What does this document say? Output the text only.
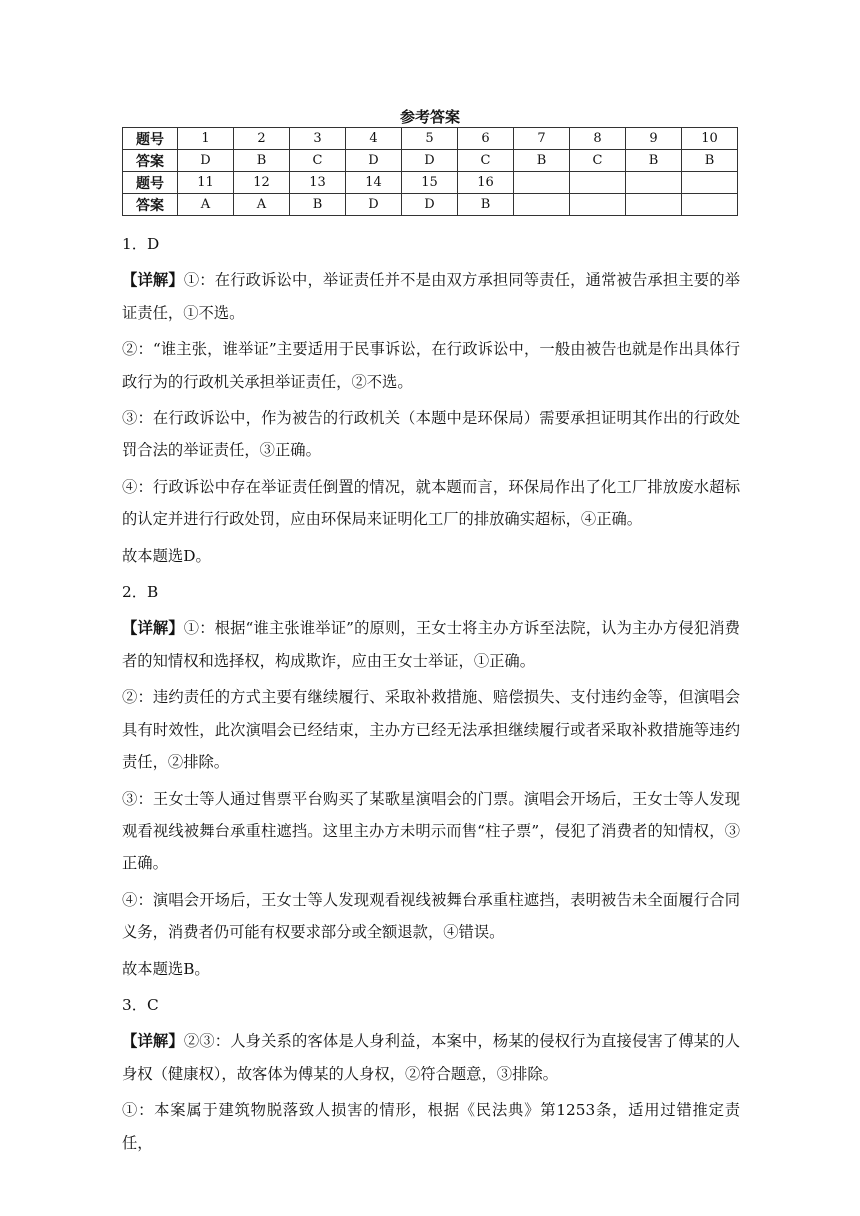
参考答案
题号	1	2	3	4	5	6	7	8	9	10
答案	D	B	C	D	D	C	B	C	B	B
题号	11	12	13	14	15	16				
答案	A	A	B	D	D	B				

1．D

【详解】①：在行政诉讼中，举证责任并不是由双方承担同等责任，通常被告承担主要的举证责任，①不选。

②：“谁主张，谁举证”主要适用于民事诉讼，在行政诉讼中，一般由被告也就是作出具体行政行为的行政机关承担举证责任，②不选。

③：在行政诉讼中，作为被告的行政机关（本题中是环保局）需要承担证明其作出的行政处罚合法的举证责任，③正确。

④：行政诉讼中存在举证责任倒置的情况，就本题而言，环保局作出了化工厂排放废水超标的认定并进行行政处罚，应由环保局来证明化工厂的排放确实超标，④正确。

故本题选D。

2．B

【详解】①：根据“谁主张谁举证”的原则，王女士将主办方诉至法院，认为主办方侵犯消费者的知情权和选择权，构成欺诈，应由王女士举证，①正确。

②：违约责任的方式主要有继续履行、采取补救措施、赔偿损失、支付违约金等，但演唱会具有时效性，此次演唱会已经结束，主办方已经无法承担继续履行或者采取补救措施等违约责任，②排除。

③：王女士等人通过售票平台购买了某歌星演唱会的门票。演唱会开场后，王女士等人发现观看视线被舞台承重柱遮挡。这里主办方未明示而售“柱子票”，侵犯了消费者的知情权，③正确。

④：演唱会开场后，王女士等人发现观看视线被舞台承重柱遮挡，表明被告未全面履行合同义务，消费者仍可能有权要求部分或全额退款，④错误。

故本题选B。

3．C

【详解】②③：人身关系的客体是人身利益，本案中，杨某的侵权行为直接侵害了傅某的人身权（健康权），故客体为傅某的人身权，②符合题意，③排除。

①：本案属于建筑物脱落致人损害的情形，根据《民法典》第1253条，适用过错推定责任，
